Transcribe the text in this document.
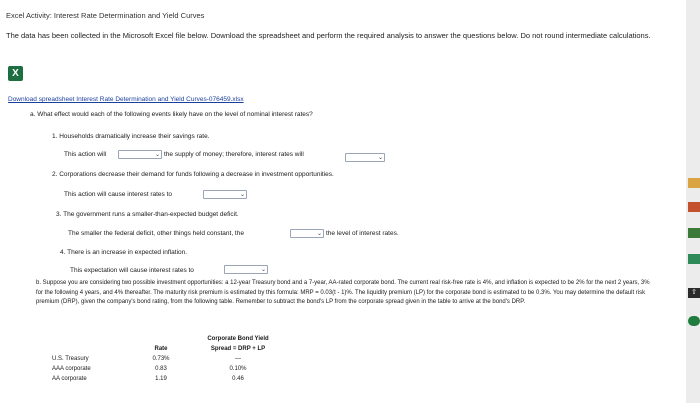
Excel Activity: Interest Rate Determination and Yield Curves
The data has been collected in the Microsoft Excel file below. Download the spreadsheet and perform the required analysis to answer the questions below. Do not round intermediate calculations.
X
Download spreadsheet Interest Rate Determination and Yield Curves-076459.xlsx
a. What effect would each of the following events likely have on the level of nominal interest rates?
1. Households dramatically increase their savings rate.
This action will	⌄ the supply of money; therefore, interest rates will	⌄
2. Corporations decrease their demand for funds following a decrease in investment opportunities.
This action will cause interest rates to	⌄
3. The government runs a smaller-than-expected budget deficit.
The smaller the federal deficit, other things held constant, the	⌄ the level of interest rates.
4. There is an increase in expected inflation.
This expectation will cause interest rates to	⌄
b. Suppose you are considering two possible investment opportunities: a 12-year Treasury bond and a 7-year, AA-rated corporate bond. The current real risk-free rate is 4%, and inflation is expected to be 2% for the next 2 years, 3% for the following 4 years, and 4% thereafter. The maturity risk premium is estimated by this formula: MRP = 0.03(t - 1)%. The liquidity premium (LP) for the corporate bond is estimated to be 0.3%. You may determine the default risk premium (DRP), given the company's bond rating, from the following table. Remember to subtract the bond's LP from the corporate spread given in the table to arrive at the bond's DRP.
		Corporate Bond Yield
	Rate	Spread = DRP + LP
U.S. Treasury	0.73%	—
AAA corporate	0.83	0.10%
AA corporate	1.19	0.46
⇧
